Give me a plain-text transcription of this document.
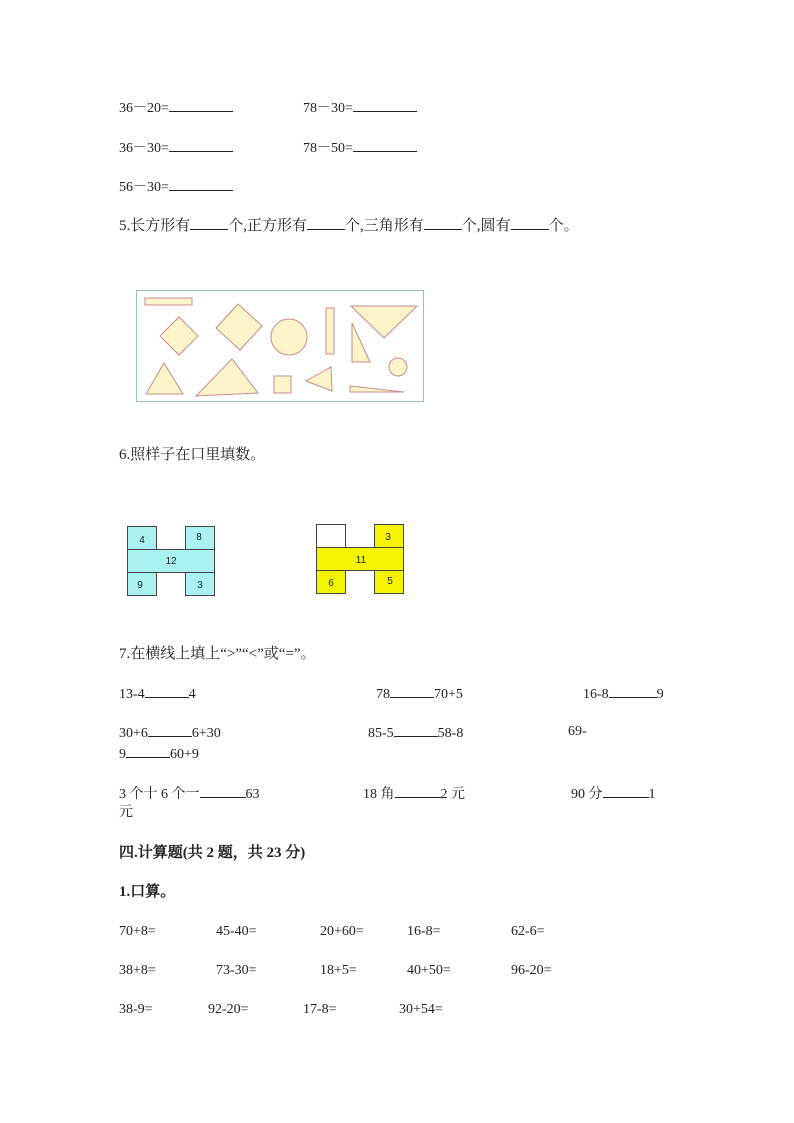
36－20=	78－30=
36－30=	78－50=
56－30=
5.长方形有	个,正方形有	个,三角形有	个,圆有	个。
6.照样子在口里填数。
4	8
12
9	3
3
11
6	5
7.在横线上填上“>”“<”或“=”。
13-4	4	78	70+5	16-8	9
30+6	6+30	85-5	58-8	69-
9	60+9
3 个十 6 个一	63	18 角	2 元	90 分	1
元
四.计算题(共 2 题，共 23 分)
1.口算。
70+8=	45-40=	20+60=	16-8=	62-6=
38+8=	73-30=	18+5=	40+50=	96-20=
38-9=	92-20=	17-8=	30+54=
